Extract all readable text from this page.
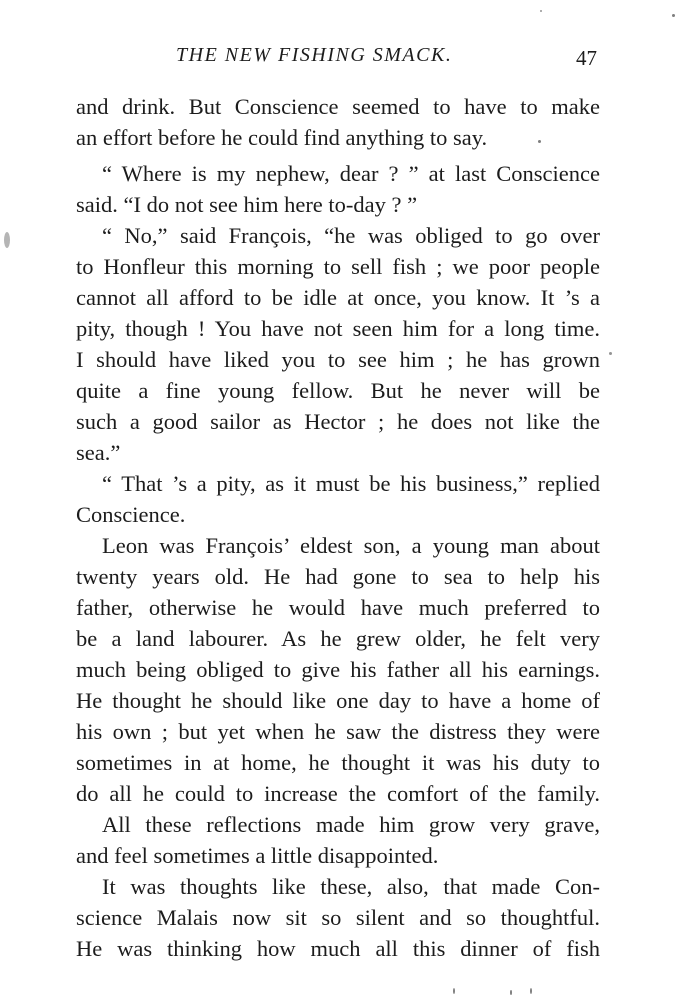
THE NEW FISHING SMACK.	47
and drink. But Conscience seemed to have to make
an effort before he could find anything to say.
“ Where is my nephew, dear ? ” at last Conscience
said. “I do not see him here to-day ? ”
“ No,” said François, “he was obliged to go over
to Honfleur this morning to sell fish ; we poor people
cannot all afford to be idle at once, you know. It ’s a
pity, though ! You have not seen him for a long time.
I should have liked you to see him ; he has grown
quite a fine young fellow. But he never will be
such a good sailor as Hector ; he does not like the
sea.”
“ That ’s a pity, as it must be his business,” replied
Conscience.
Leon was François’ eldest son, a young man about
twenty years old. He had gone to sea to help his
father, otherwise he would have much preferred to
be a land labourer. As he grew older, he felt very
much being obliged to give his father all his earnings.
He thought he should like one day to have a home of
his own ; but yet when he saw the distress they were
sometimes in at home, he thought it was his duty to
do all he could to increase the comfort of the family.
All these reflections made him grow very grave,
and feel sometimes a little disappointed.
It was thoughts like these, also, that made Con-
science Malais now sit so silent and so thoughtful.
He was thinking how much all this dinner of fish
